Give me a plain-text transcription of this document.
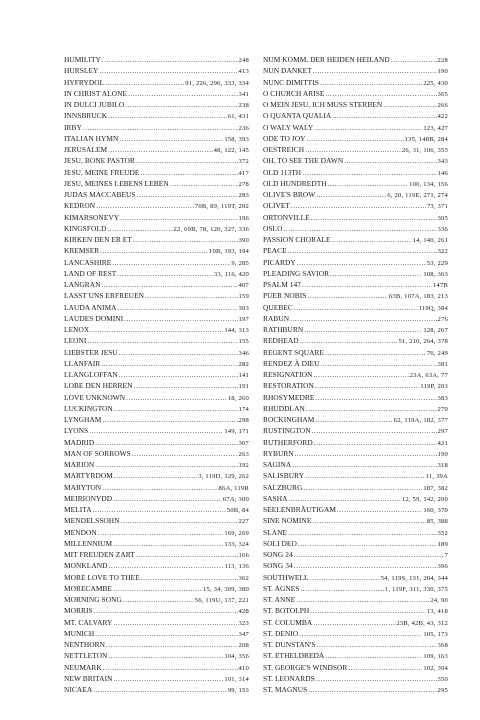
HUMILITY .....	248
HURSLEY .....	413
HYFRYDOL .....	91, 226, 296, 333, 334
IN CHRIST ALONE .....	341
IN DULCI JUBILO .....	238
INNSBRUCK .....	61, 431
IRBY .....	236
ITALIAN HYMN .....	158, 393
JERUSALEM .....	48, 122, 145
JESU, BONE PASTOR .....	372
JESU, MEINE FREUDE .....	417
JESU, MEINES LEBENS LEBEN .....	278
JUDAS MACCABEUS .....	283
KEDRON .....	70B, 89, 119T, 202
KIMARSONEVY .....	196
KINGSFOLD .....	22, 69B, 78, 120, 327, 336
KIRKEN DEN ER ET .....	390
KREMSER .....	19B, 193, 194
LANCASHIRE .....	9, 285
LAND OF REST .....	33, 116, 420
LANGRAN .....	407
LASST UNS ERFREUEN .....	159
LAUDA ANIMA .....	303
LAUDES DOMINI .....	197
LENOX .....	144, 313
LEONI .....	155
LIEBSTER JESU .....	346
LLANFAIR .....	282
LLANGLOFFAN .....	141
LOBE DEN HERREN .....	191
LOVE UNKNOWN .....	18, 260
LUCKINGTON .....	174
LYNGHAM .....	298
LYONS .....	149, 171
MADRID .....	307
MAN OF SORROWS .....	263
MARION .....	192
MARTYRDOM .....	3, 119D, 129, 262
MARYTON .....	86A, 119R
MEIRIONYDD .....	67A, 300
MELITA .....	50B, 84
MENDELSSOHN .....	227
MENDON .....	169, 269
MILLENNIUM .....	133, 324
MIT FREUDEN ZART .....	166
MONKLAND .....	113, 136
MORE LOVE TO THEE .....	362
MORECAMBE .....	15, 34, 309, 380
MORNING SONG .....	56, 119U, 137, 221
MORRIS .....	428
MT. CALVARY .....	323
MUNICH .....	347
NENTHORN .....	208
NETTLETON .....	104, 356
NEUMARK .....	410
NEW BRITAIN .....	101, 314
NICAEA .....	99, 153
NUM KOMM, DER HEIDEN HEILAND .....	228
NUN DANKET .....	190
NUNC DIMITTIS .....	225, 430
O CHURCH ARISE .....	365
O MEIN JESU, ICH MUSS STERBEN .....	266
O QUANTA QUALIA .....	422
O WALY WALY .....	123, 427
ODE TO JOY .....	135, 148B, 284
OESTREICH .....	26, 31, 106, 353
OH, TO SEE THE DAWN .....	343
OLD 113TH .....	146
OLD HUNDREDTH .....	100, 134, 156
OLIVE'S BROW .....	6, 20, 119E, 271, 274
OLIVET .....	73, 371
ORTONVILLE .....	305
OSLO .....	336
PASSION CHORALE .....	14, 140, 261
PEACE .....	322
PICARDY .....	53, 229
PLEADING SAVIOR .....	108, 363
PSALM 147 .....	147B
PUER NOBIS .....	63B, 107A, 183, 213
QUEBEC .....	119Q, 384
RABUN .....	276
RATHBURN .....	128, 267
REDHEAD .....	51, 210, 264, 378
REGENT SQUARE .....	76, 249
RENDEZ À DIEU .....	381
RESIGNATION .....	23A, 63A, 77
RESTORATION .....	119P, 203
RHOSYMEDRE .....	383
RHUDDLAN .....	279
ROCKINGHAM .....	62, 119A, 182, 377
RUSTINGTON .....	297
RUTHERFORD .....	421
RYBURN .....	199
SAGINA .....	318
SALISBURY .....	11, 39A
SALZBURG .....	187, 382
SASHA .....	12, 59, 142, 200
SEELENBRÄUTIGAM .....	160, 370
SINE NOMINE .....	85, 388
SLANE .....	352
SOLI DEO .....	189
SONG 24 .....	7
SONG 34 .....	396
SOUTHWELL .....	54, 119S, 131, 204, 344
ST. AGNES .....	1, 119F, 311, 330, 375
ST. ANNE .....	24, 90
ST. BOTOLPH .....	13, 418
ST. COLUMBA .....	23B, 42B, 43, 312
ST. DENIO .....	105, 173
ST. DUNSTAN'S .....	368
ST. ETHELDREDA .....	109, 163
ST. GEORGE'S WINDSOR .....	102, 394
ST. LEONARDS .....	350
ST. MAGNUS .....	295
